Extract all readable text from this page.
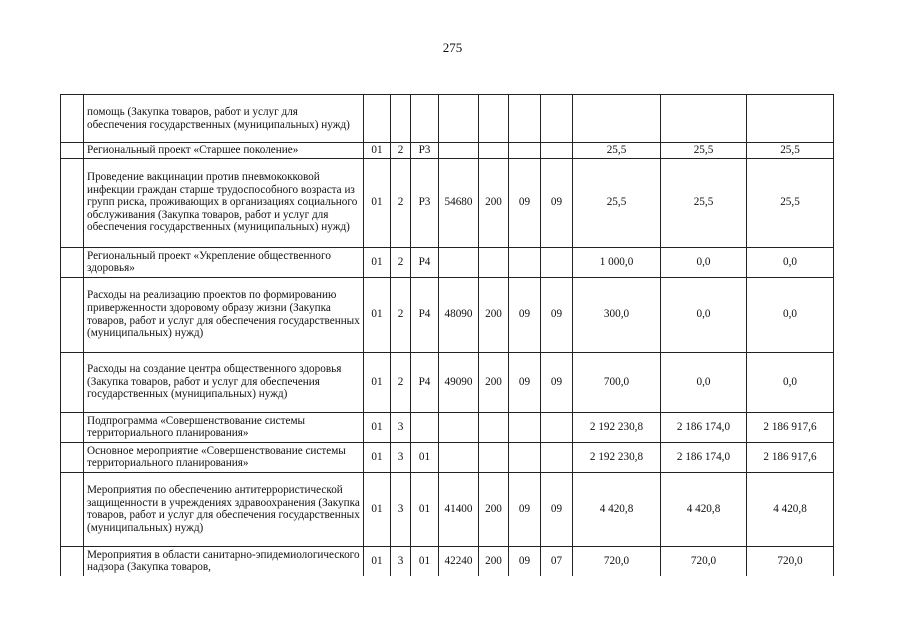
275
	помощь (Закупка товаров, работ и услуг для обеспечения государственных (муниципальных) нужд)										
	Региональный проект «Старшее поколение»	01	2	Р3					25,5	25,5	25,5
	Проведение вакцинации против пневмококковой инфекции граждан старше трудоспособного возраста из групп риска, проживающих в организациях социального обслуживания (Закупка товаров, работ и услуг для обеспечения государственных (муниципальных) нужд)	01	2	Р3	54680	200	09	09	25,5	25,5	25,5
	Региональный проект «Укрепление общественного здоровья»	01	2	Р4					1 000,0	0,0	0,0
	Расходы на реализацию проектов по формированию приверженности здоровому образу жизни (Закупка товаров, работ и услуг для обеспечения государственных (муниципальных) нужд)	01	2	Р4	48090	200	09	09	300,0	0,0	0,0
	Расходы на создание центра общественного здоровья (Закупка товаров, работ и услуг для обеспечения государственных (муниципальных) нужд)	01	2	Р4	49090	200	09	09	700,0	0,0	0,0
	Подпрограмма «Совершенствование системы территориального планирования»	01	3						2 192 230,8	2 186 174,0	2 186 917,6
	Основное мероприятие «Совершенствование системы территориального планирования»	01	3	01					2 192 230,8	2 186 174,0	2 186 917,6
	Мероприятия по обеспечению антитеррористической защищенности в учреждениях здравоохранения (Закупка товаров, работ и услуг для обеспечения государственных (муниципальных) нужд)	01	3	01	41400	200	09	09	4 420,8	4 420,8	4 420,8
	Мероприятия в области санитарно-эпидемиологического надзора (Закупка товаров,	01	3	01	42240	200	09	07	720,0	720,0	720,0
